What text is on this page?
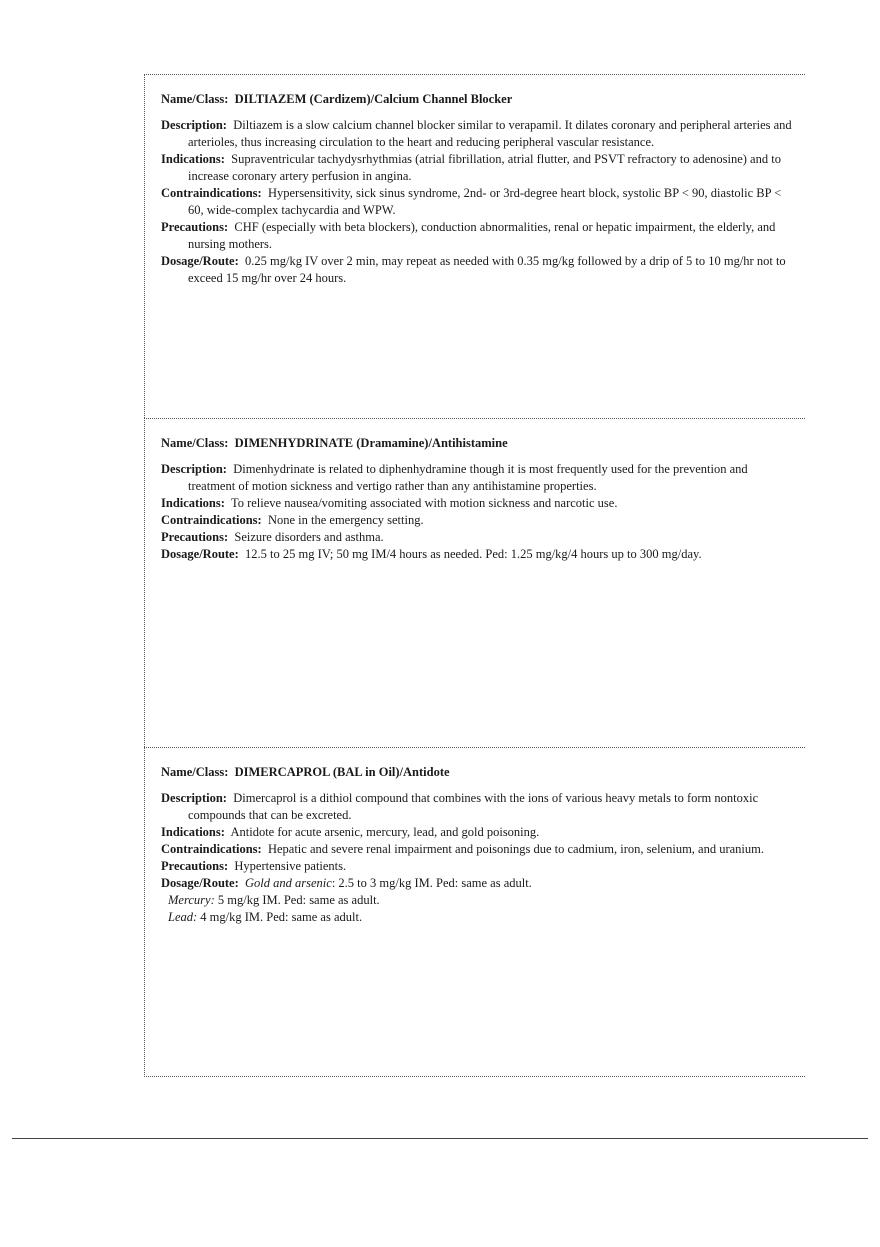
Name/Class: DILTIAZEM (Cardizem)/Calcium Channel Blocker

Description: Diltiazem is a slow calcium channel blocker similar to verapamil. It dilates coronary and peripheral arteries and arterioles, thus increasing circulation to the heart and reducing peripheral vascular resistance.

Indications: Supraventricular tachydysrhythmias (atrial fibrillation, atrial flutter, and PSVT refractory to adenosine) and to increase coronary artery perfusion in angina.

Contraindications: Hypersensitivity, sick sinus syndrome, 2nd- or 3rd-degree heart block, systolic BP < 90, diastolic BP < 60, wide-complex tachycardia and WPW.

Precautions: CHF (especially with beta blockers), conduction abnormalities, renal or hepatic impairment, the elderly, and nursing mothers.

Dosage/Route: 0.25 mg/kg IV over 2 min, may repeat as needed with 0.35 mg/kg followed by a drip of 5 to 10 mg/hr not to exceed 15 mg/hr over 24 hours.

Name/Class: DIMENHYDRINATE (Dramamine)/Antihistamine

Description: Dimenhydrinate is related to diphenhydramine though it is most frequently used for the prevention and treatment of motion sickness and vertigo rather than any antihistamine properties.

Indications: To relieve nausea/vomiting associated with motion sickness and narcotic use.

Contraindications: None in the emergency setting.

Precautions: Seizure disorders and asthma.

Dosage/Route: 12.5 to 25 mg IV; 50 mg IM/4 hours as needed. Ped: 1.25 mg/kg/4 hours up to 300 mg/day.

Name/Class: DIMERCAPROL (BAL in Oil)/Antidote

Description: Dimercaprol is a dithiol compound that combines with the ions of various heavy metals to form nontoxic compounds that can be excreted.

Indications: Antidote for acute arsenic, mercury, lead, and gold poisoning.

Contraindications: Hepatic and severe renal impairment and poisonings due to cadmium, iron, selenium, and uranium.

Precautions: Hypertensive patients.

Dosage/Route: Gold and arsenic: 2.5 to 3 mg/kg IM. Ped: same as adult.

Mercury: 5 mg/kg IM. Ped: same as adult.

Lead: 4 mg/kg IM. Ped: same as adult.
